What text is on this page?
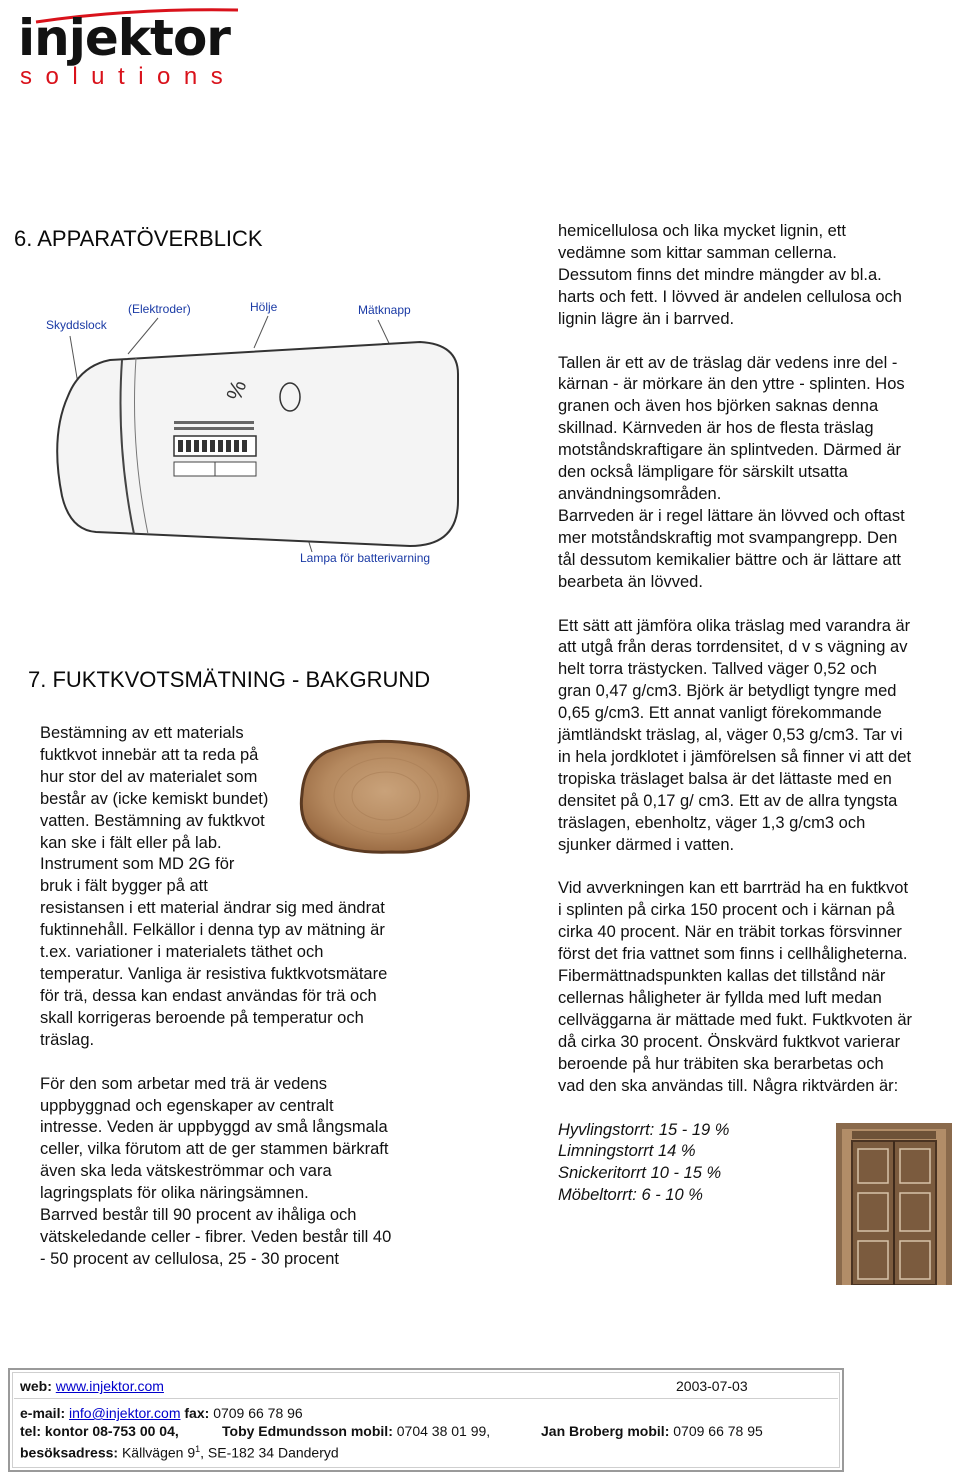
injektor
solutions
6. APPARATÖVERBLICK
Skyddslock
(Elektroder)	Hölje	Mätknapp
Lampa för batterivarning
%

hemicellulosa och lika mycket lignin, ett

vedämne som kittar samman cellerna.

Dessutom finns det mindre mängder av bl.a.

harts och fett. I lövved är andelen cellulosa och

lignin lägre än i barrved.

Tallen är ett av de träslag där vedens inre del -

kärnan - är mörkare än den yttre - splinten. Hos

granen och även hos björken saknas denna

skillnad. Kärnveden är hos de flesta träslag

motståndskraftigare än splintveden. Därmed är

den också lämpligare för särskilt utsatta

användningsområden.

Barrveden är i regel lättare än lövved och oftast

mer motståndskraftig mot svampangrepp. Den

tål dessutom kemikalier bättre och är lättare att

bearbeta än lövved.

Ett sätt att jämföra olika träslag med varandra är

att utgå från deras torrdensitet, d v s vägning av

helt torra trästycken. Tallved väger 0,52 och

gran 0,47 g/cm3. Björk är betydligt tyngre med

0,65 g/cm3. Ett annat vanligt förekommande

jämtländskt träslag, al, väger 0,53 g/cm3. Tar vi

in hela jordklotet i jämförelsen så finner vi att det

tropiska träslaget balsa är det lättaste med en

densitet på 0,17 g/ cm3. Ett av de allra tyngsta

träslagen, ebenholtz, väger 1,3 g/cm3 och

sjunker därmed i vatten.

Vid avverkningen kan ett barrträd ha en fuktkvot

i splinten på cirka 150 procent och i kärnan på

cirka 40 procent. När en träbit torkas försvinner

först det fria vattnet som finns i cellhåligheterna.

Fibermättnadspunkten kallas det tillstånd när

cellernas håligheter är fyllda med luft medan

cellväggarna är mättade med fukt. Fuktkvoten är

då cirka 30 procent. Önskvärd fuktkvot varierar

beroende på hur träbiten ska berarbetas och

vad den ska användas till. Några riktvärden är:

Hyvlingstorrt: 15 - 19 %

Limningstorrt 14 %

Snickeritorrt 10 - 15 %

Möbeltorrt: 6 - 10 %

7. FUKTKVOTSMÄTNING - BAKGRUND

Bestämning av ett materials

fuktkvot innebär att ta reda på

hur stor del av materialet som

består av (icke kemiskt bundet)

vatten. Bestämning av fuktkvot

kan ske i fält eller på lab.

Instrument som MD 2G för

bruk i fält bygger på att

resistansen i ett material ändrar sig med ändrat

fuktinnehåll. Felkällor i denna typ av mätning är

t.ex. variationer i materialets täthet och

temperatur. Vanliga är resistiva fuktkvotsmätare

för trä, dessa kan endast användas för trä och

skall korrigeras beroende på temperatur och

träslag.

För den som arbetar med trä är vedens

uppbyggnad och egenskaper av centralt

intresse. Veden är uppbyggd av små långsmala

celler, vilka förutom att de ger stammen bärkraft

även ska leda vätskeströmmar och vara

lagringsplats för olika näringsämnen.

Barrved består till 90 procent av ihåliga och

vätskeledande celler - fibrer. Veden består till 40

- 50 procent av cellulosa, 25 - 30 procent

web: www.injektor.com	2003-07-03
e-mail: info@injektor.com fax: 0709 66 78 96
tel: kontor 08-753 00 04,	Toby Edmundsson mobil: 0704 38 01 99,	Jan Broberg mobil: 0709 66 78 95
besöksadress: Källvägen $9^1$, SE-182 34 Danderyd
